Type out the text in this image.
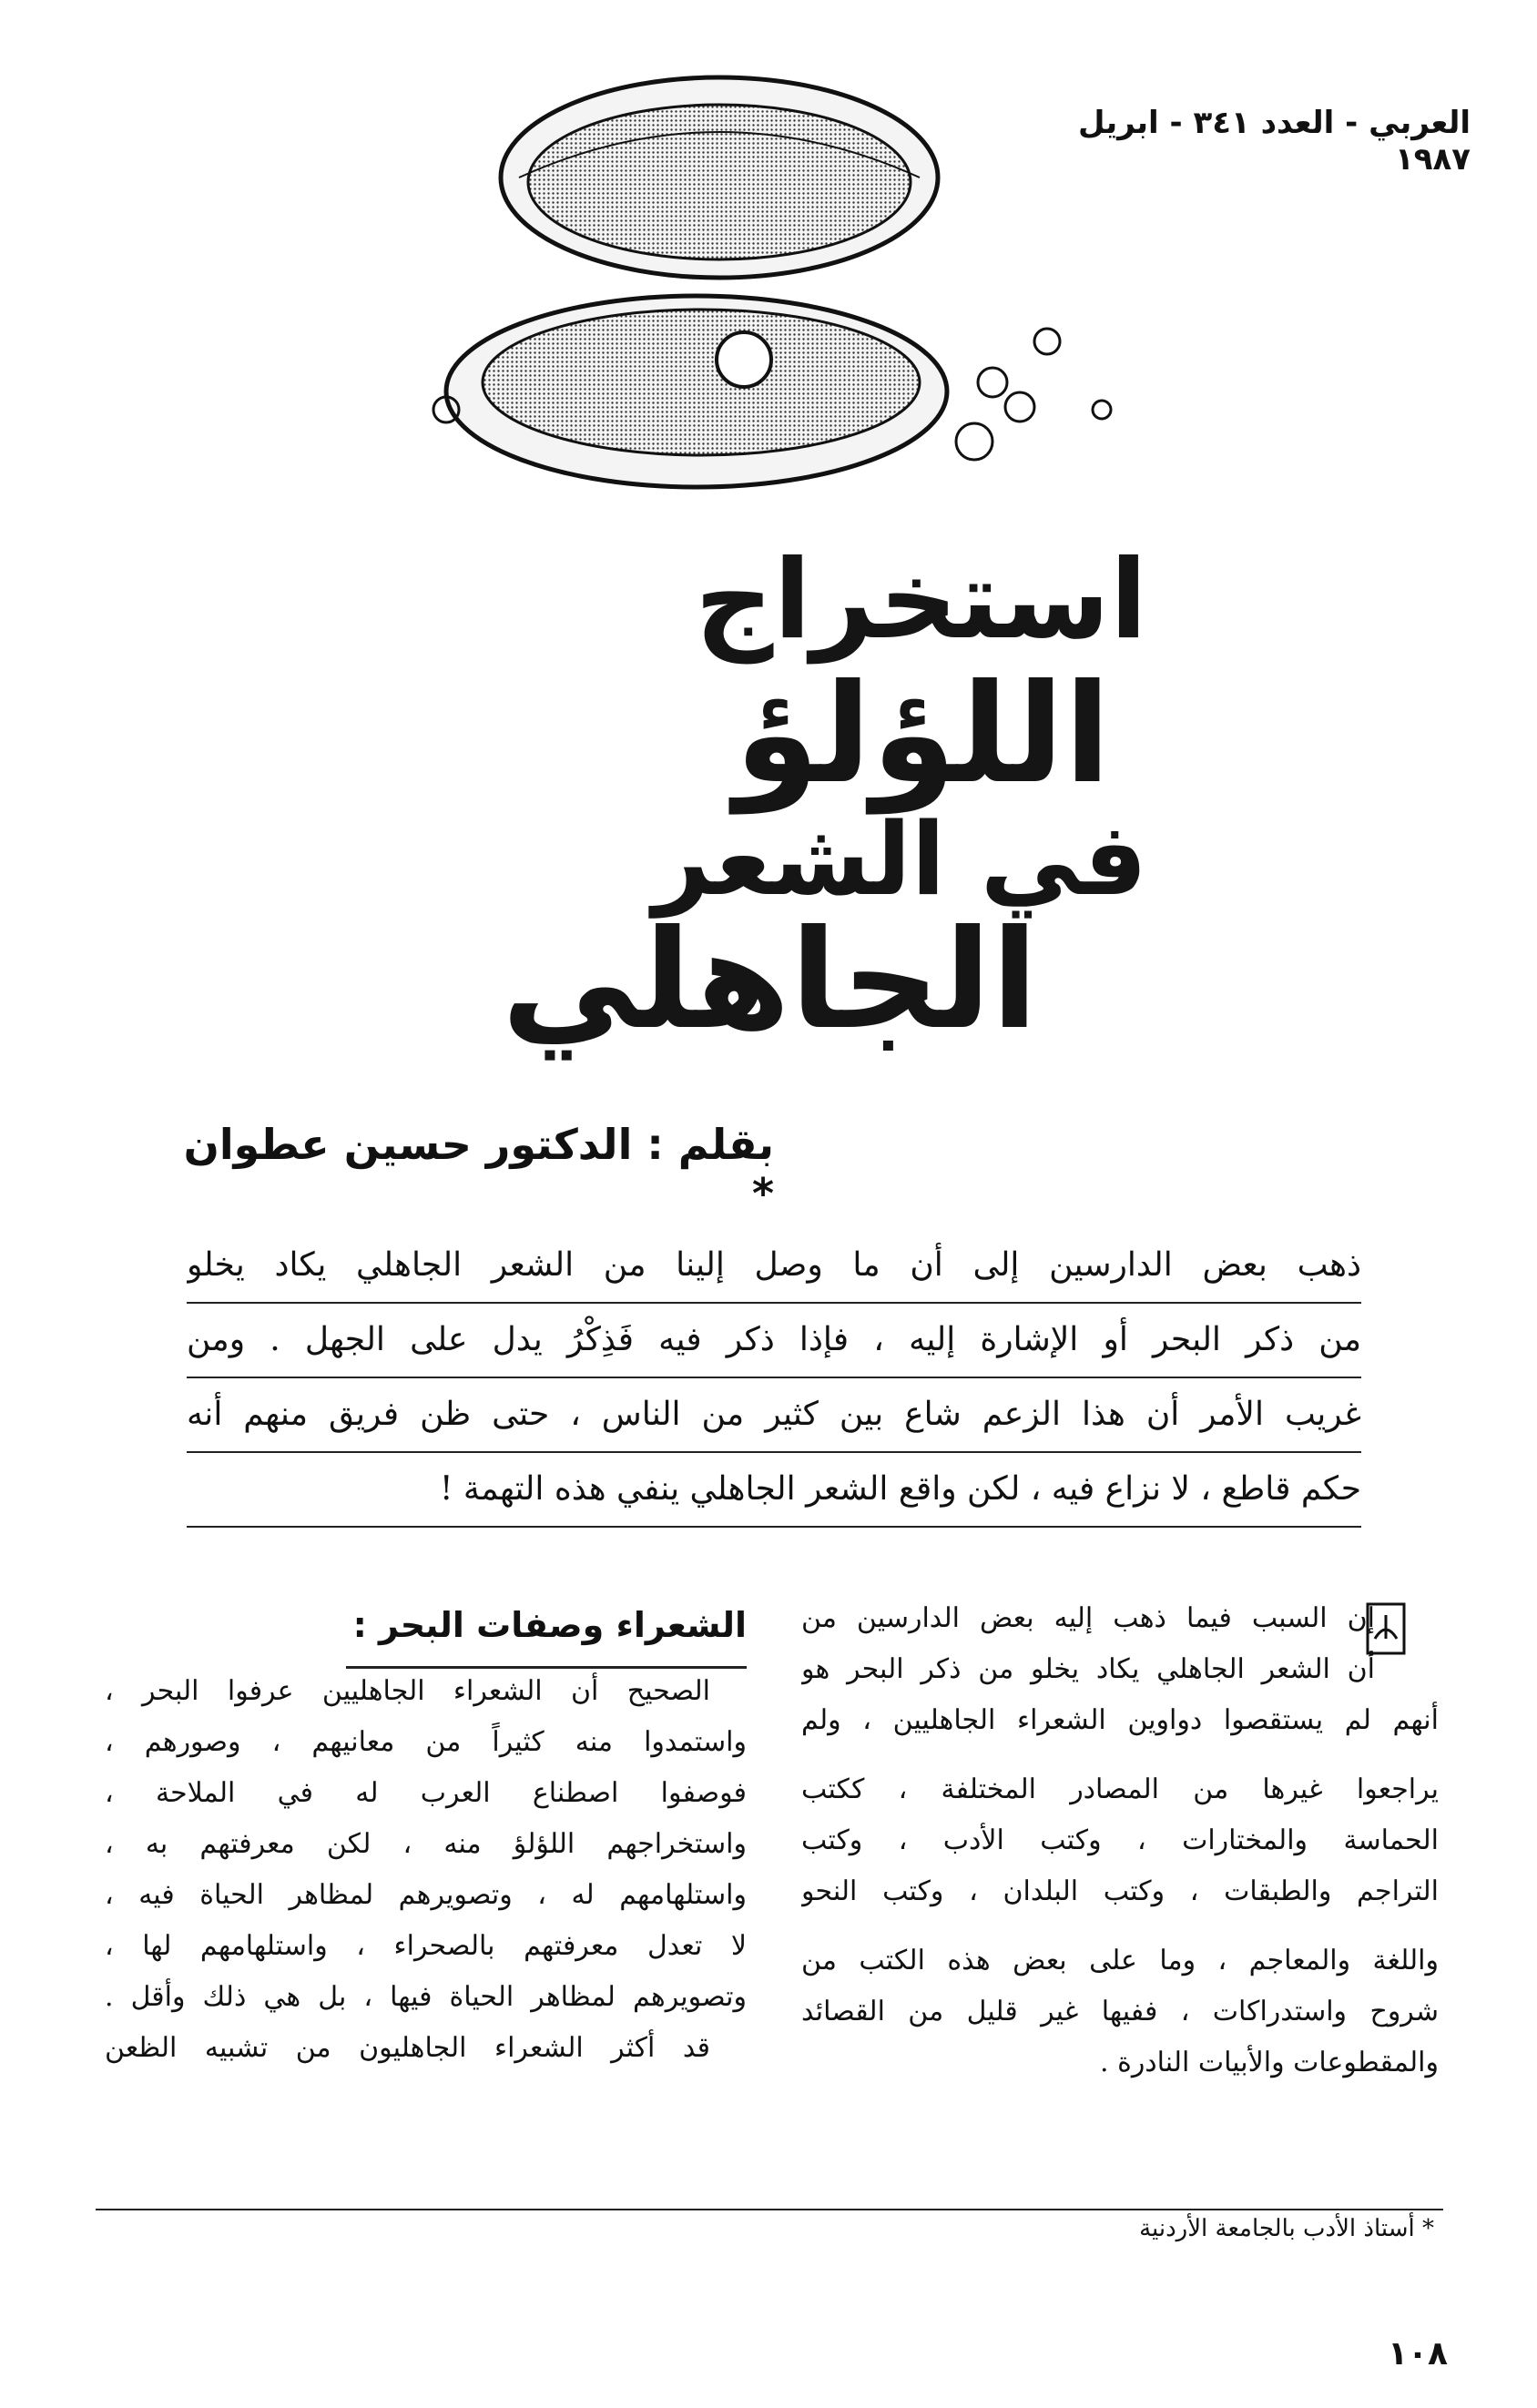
العربي - العدد ٣٤١ - ابريل ١٩٨٧
استخراج
اللؤلؤ
في الشعر
الجاهلي
بقلم : الدكتور حسين عطوان *
ذهب بعض الدارسين إلى أن ما وصل إلينا من الشعر الجاهلي يكاد يخلو
من ذكر البحر أو الإشارة إليه ، فإذا ذكر فيه فَذِكْرُ يدل على الجهل . ومن
غريب الأمر أن هذا الزعم شاع بين كثير من الناس ، حتى ظن فريق منهم أنه
حكم قاطع ، لا نزاع فيه ، لكن واقع الشعر الجاهلي ينفي هذه التهمة !
إن السبب فيما ذهب إليه بعض الدارسين من
أن الشعر الجاهلي يكاد يخلو من ذكر البحر هو
أنهم لم يستقصوا دواوين الشعراء الجاهليين ، ولم
يراجعوا غيرها من المصادر المختلفة ، ككتب
الحماسة والمختارات ، وكتب الأدب ، وكتب
التراجم والطبقات ، وكتب البلدان ، وكتب النحو
واللغة والمعاجم ، وما على بعض هذه الكتب من
شروح واستدراكات ، ففيها غير قليل من القصائد
والمقطوعات والأبيات النادرة .
الشعراء وصفات البحر :
الصحيح أن الشعراء الجاهليين عرفوا البحر ،
واستمدوا منه كثيراً من معانيهم ، وصورهم ،
فوصفوا اصطناع العرب له في الملاحة ،
واستخراجهم اللؤلؤ منه ، لكن معرفتهم به ،
واستلهامهم له ، وتصويرهم لمظاهر الحياة فيه ،
لا تعدل معرفتهم بالصحراء ، واستلهامهم لها ،
وتصويرهم لمظاهر الحياة فيها ، بل هي ذلك وأقل .
قد أكثر الشعراء الجاهليون من تشبيه الظعن
* أستاذ الأدب بالجامعة الأردنية
١٠٨
